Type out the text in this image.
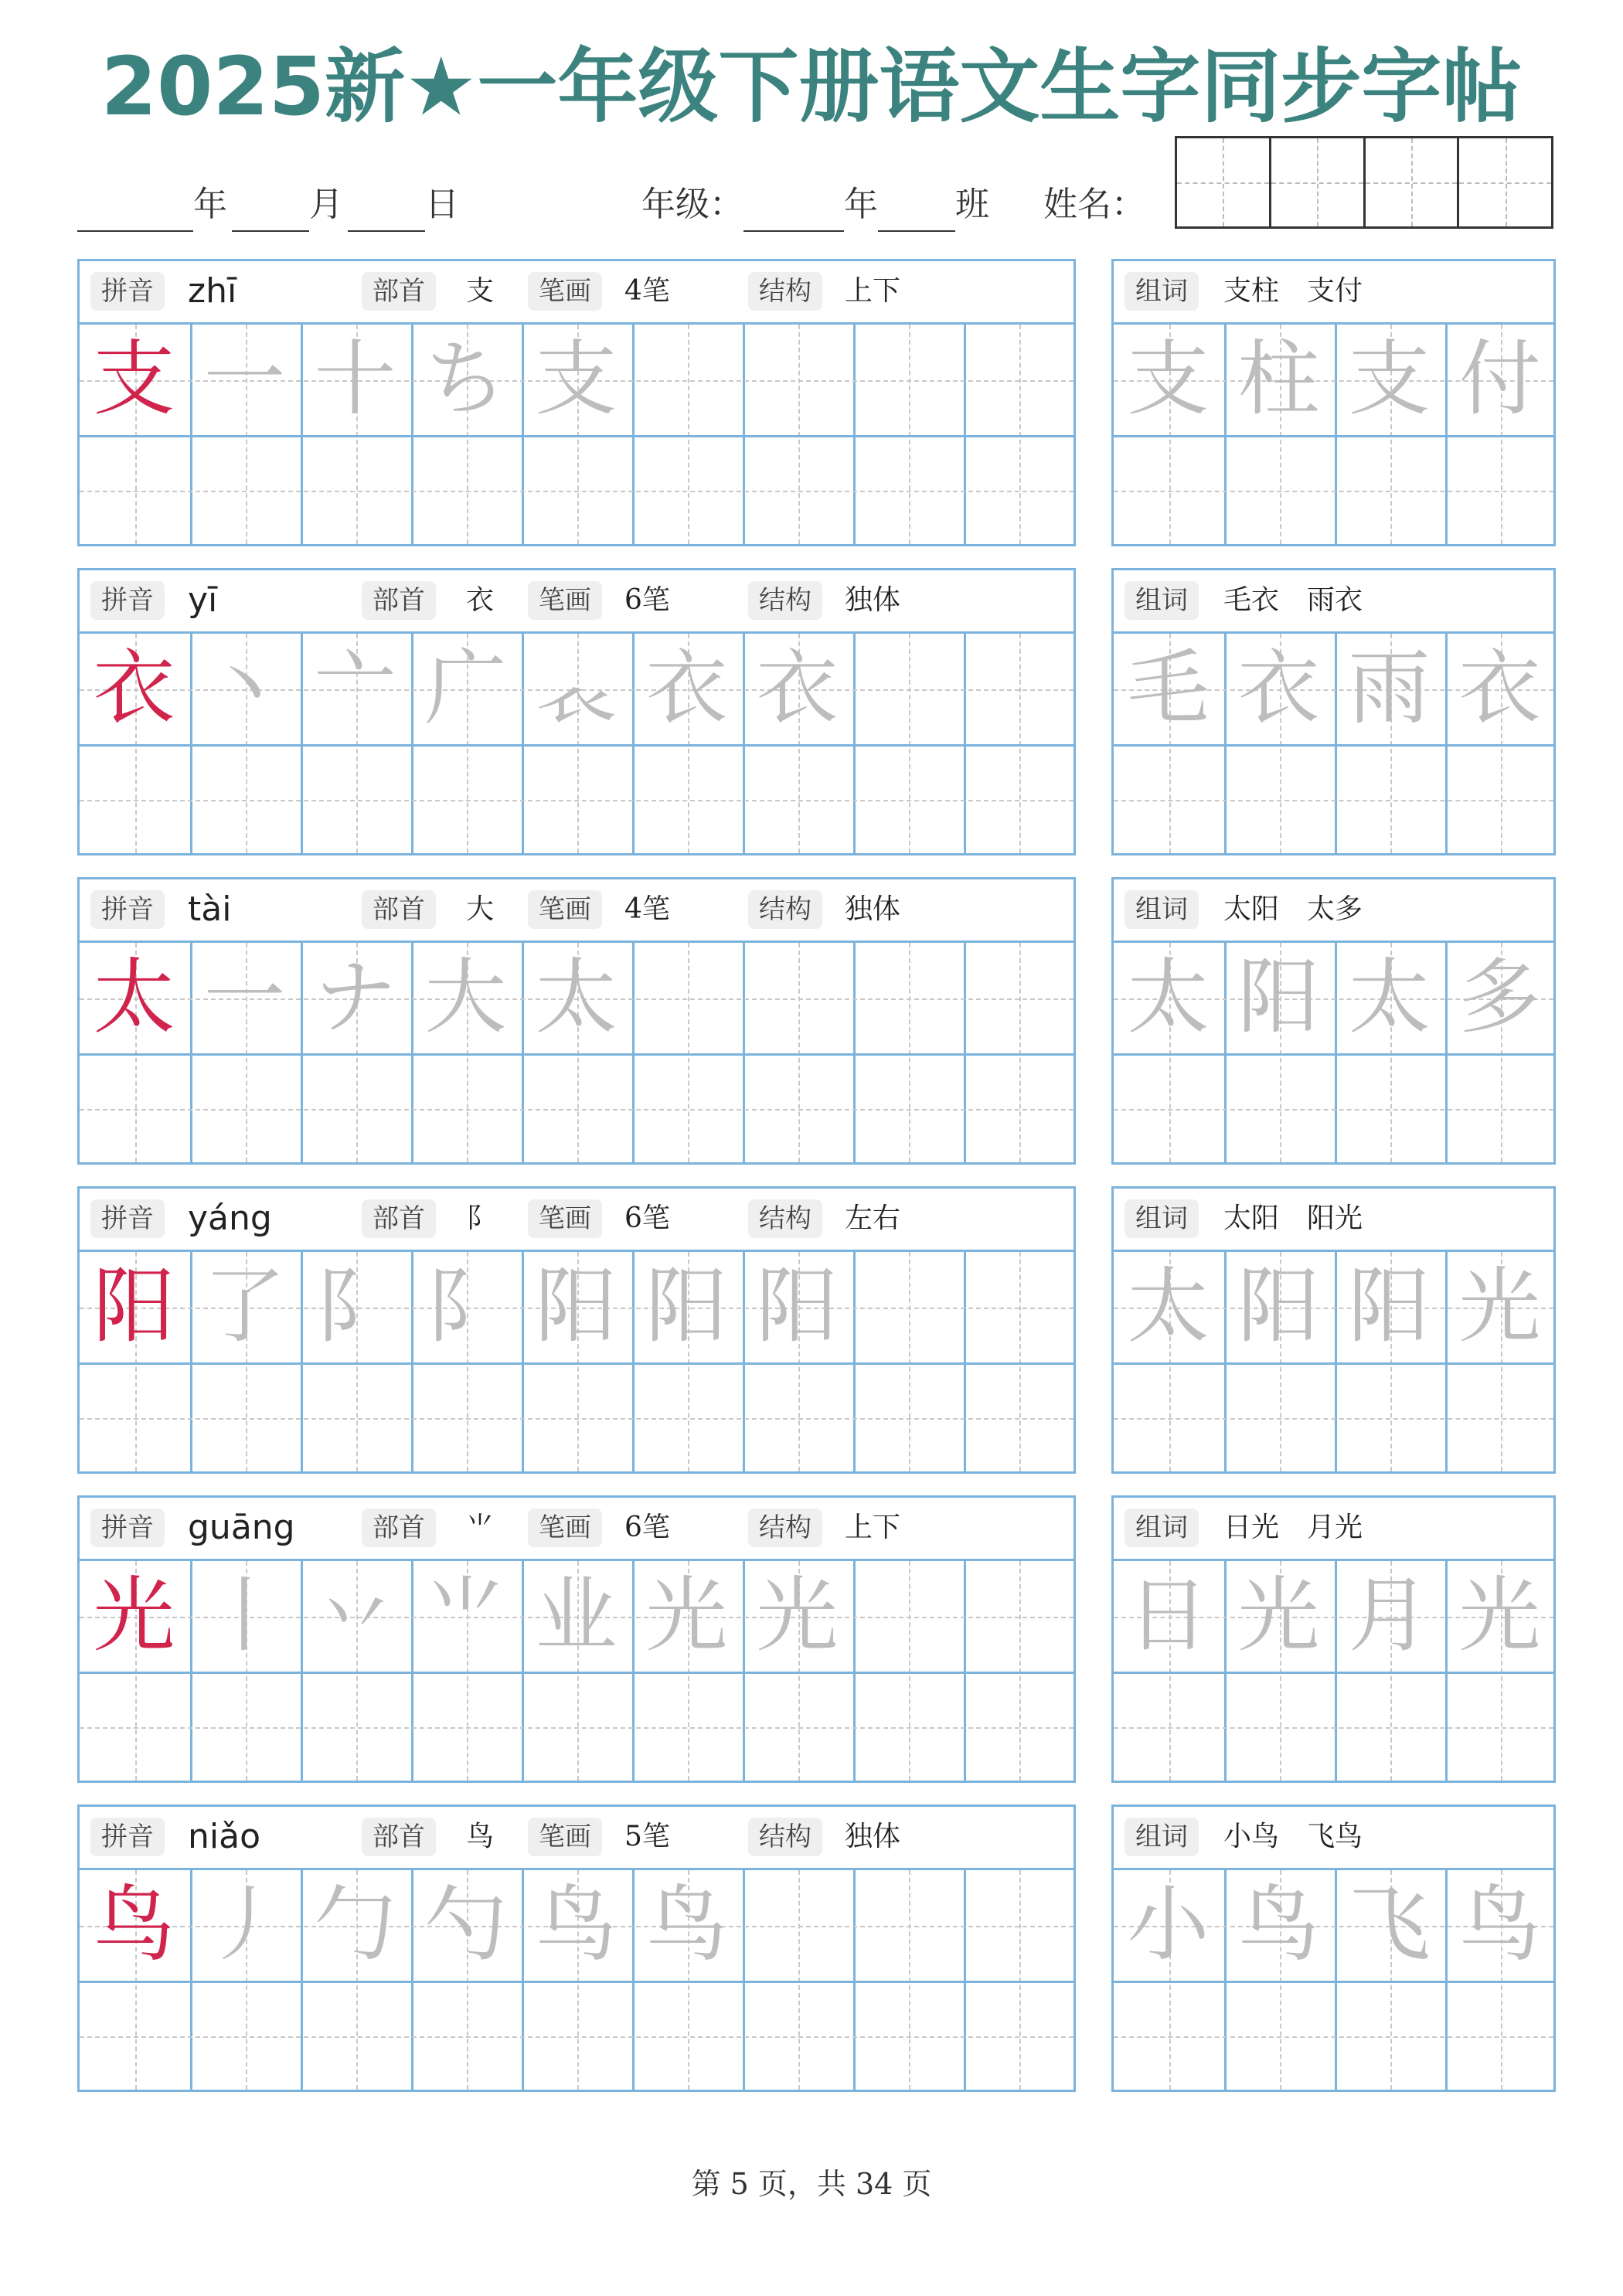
2025新★一年级下册语文生字同步字帖
年	月	日	年级：	年 班 姓名：
拼音	zhī	部首	支	笔画	4笔	结构	上下
支 一 十 ち 支
组词	支柱　支付
支 柱 支 付
拼音	yī	部首	衣	笔画	6笔	结构	独体
衣 丶 亠 广 𧘇 衣 衣
组词	毛衣　雨衣
毛 衣 雨 衣
拼音	tài	部首	大	笔画	4笔	结构	独体
太 一 ナ 大 太
组词	太阳　太多
太 阳 太 多
拼音	yáng	部首	阝	笔画	6笔	结构	左右
阳 了 阝 阝 阳 阳 阳
组词	太阳　阳光
太 阳 阳 光
拼音	guāng	部首	⺌	笔画	6笔	结构	上下
光 丨 丷 ⺌ 业 光 光
组词	日光　月光
日 光 月 光
拼音	niǎo	部首	鸟	笔画	5笔	结构	独体
鸟 丿 勹 勺 鸟 鸟
组词	小鸟　飞鸟
小 鸟 飞 鸟
第 5 页，共 34 页
